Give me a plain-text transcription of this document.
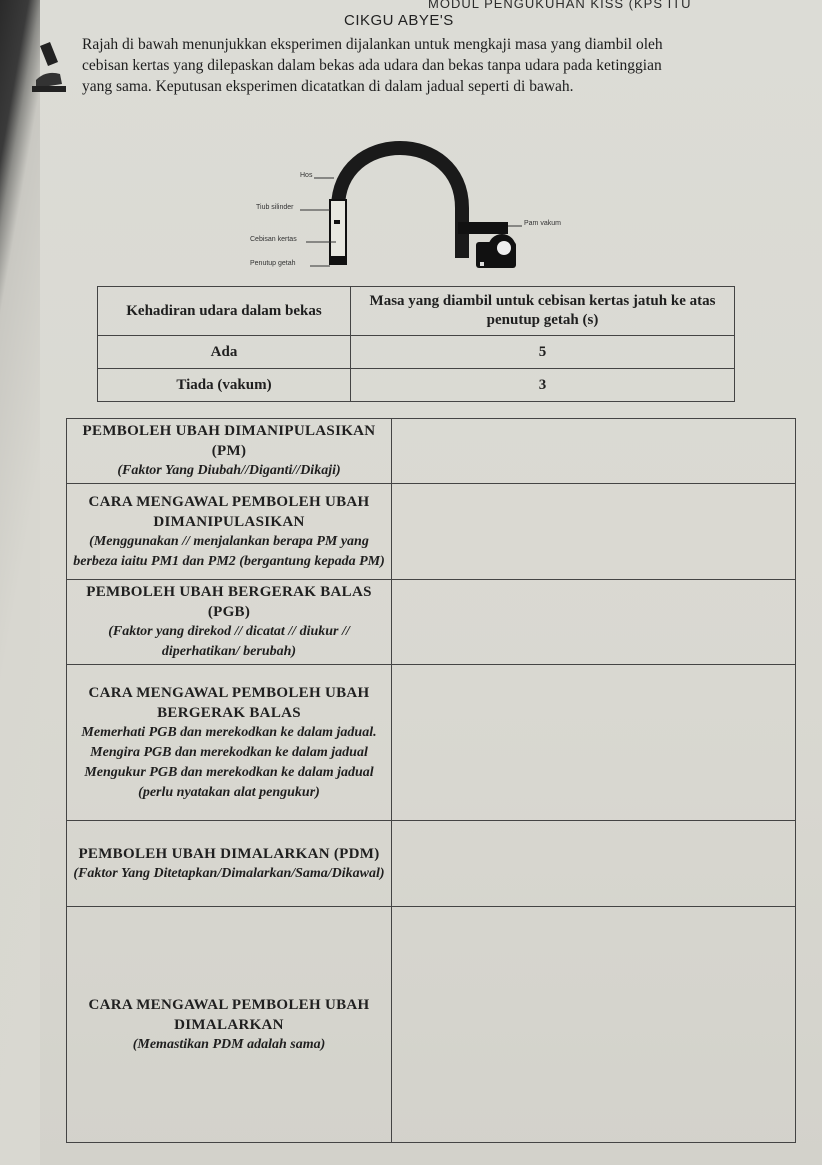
MODUL PENGUKUHAN KISS (KPS ITU
CIKGU ABYE'S

Rajah di bawah menunjukkan eksperimen dijalankan untuk mengkaji masa yang diambil oleh

cebisan kertas yang dilepaskan dalam bekas ada udara dan bekas tanpa udara pada ketinggian

yang sama. Keputusan eksperimen dicatatkan di dalam jadual seperti di bawah.

Hos
Tiub silinder
Cebisan kertas
Penutup getah
Pam vakum
Kehadiran udara dalam bekas	Masa yang diambil untuk cebisan kertas jatuh ke atas penutup getah (s)
Ada	5
Tiada (vakum)	3
PEMBOLEH UBAH DIMANIPULASIKAN (PM)
(Faktor Yang Diubah//Diganti//Dikaji)	

CARA MENGAWAL PEMBOLEH UBAH DIMANIPULASIKAN
(Menggunakan // menjalankan berapa PM yang berbeza iaitu PM1 dan PM2 (bergantung kepada PM)	

PEMBOLEH UBAH BERGERAK BALAS (PGB)
(Faktor yang direkod // dicatat // diukur // diperhatikan/ berubah)	

CARA MENGAWAL PEMBOLEH UBAH BERGERAK BALAS
Memerhati PGB dan merekodkan ke dalam jadual. Mengira PGB dan merekodkan ke dalam jadual Mengukur PGB dan merekodkan ke dalam jadual (perlu nyatakan alat pengukur)	

PEMBOLEH UBAH DIMALARKAN (PDM)
(Faktor Yang Ditetapkan/Dimalarkan/Sama/Dikawal)	

CARA MENGAWAL PEMBOLEH UBAH DIMALARKAN
(Memastikan PDM adalah sama)	
